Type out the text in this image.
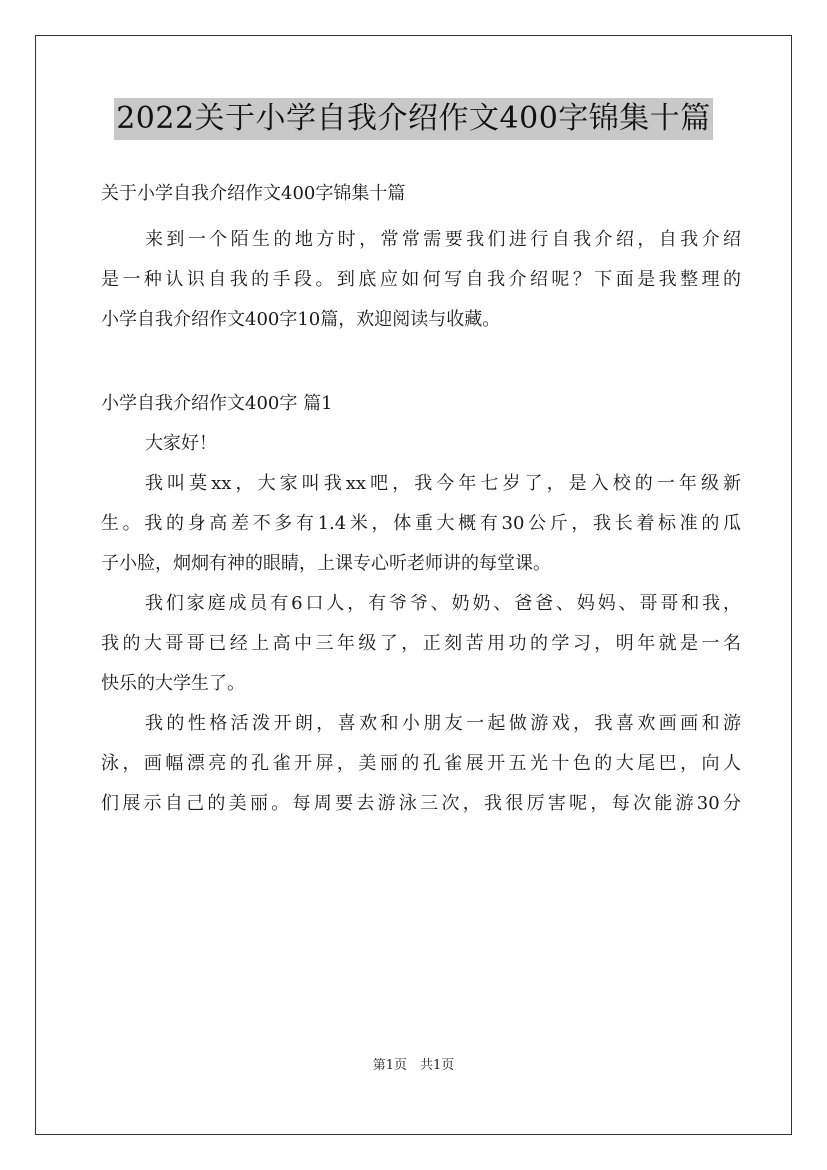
2022关于小学自我介绍作文400字锦集十篇
关于小学自我介绍作文400字锦集十篇
来到一个陌生的地方时，常常需要我们进行自我介绍，自我介绍
是一种认识自我的手段。到底应如何写自我介绍呢？下面是我整理的
小学自我介绍作文400字10篇，欢迎阅读与收藏。
小学自我介绍作文400字 篇1
大家好！
我叫莫xx，大家叫我xx吧，我今年七岁了，是入校的一年级新
生。我的身高差不多有1.4米，体重大概有30公斤，我长着标准的瓜
子小脸，炯炯有神的眼睛，上课专心听老师讲的每堂课。
我们家庭成员有6口人，有爷爷、奶奶、爸爸、妈妈、哥哥和我，
我的大哥哥已经上高中三年级了，正刻苦用功的学习，明年就是一名
快乐的大学生了。
我的性格活泼开朗，喜欢和小朋友一起做游戏，我喜欢画画和游
泳，画幅漂亮的孔雀开屏，美丽的孔雀展开五光十色的大尾巴，向人
们展示自己的美丽。每周要去游泳三次，我很厉害呢，每次能游30分
第1页　共1页
